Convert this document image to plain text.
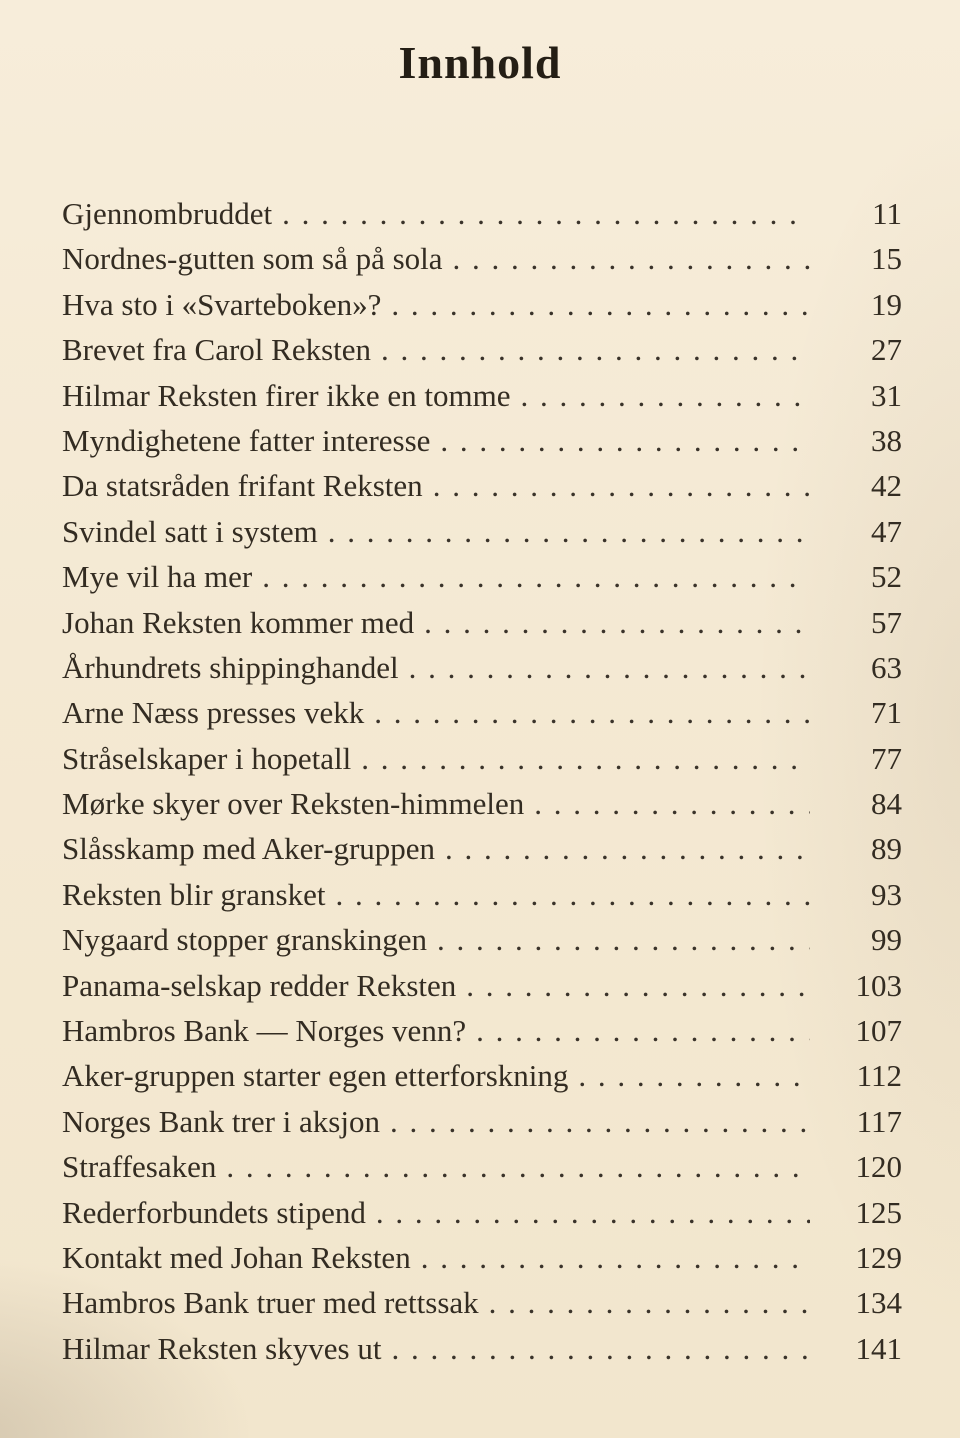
Innhold
Gjennombruddet . . .	11
Nordnes-gutten som så på sola . . .	15
Hva sto i «Svarteboken»? . . .	19
Brevet fra Carol Reksten . . .	27
Hilmar Reksten firer ikke en tomme . . .	31
Myndighetene fatter interesse . . .	38
Da statsråden frifant Reksten . . .	42
Svindel satt i system . . .	47
Mye vil ha mer . . .	52
Johan Reksten kommer med . . .	57
Århundrets shippinghandel . . .	63
Arne Næss presses vekk . . .	71
Stråselskaper i hopetall . . .	77
Mørke skyer over Reksten-himmelen . . .	84
Slåsskamp med Aker-gruppen . . .	89
Reksten blir gransket . . .	93
Nygaard stopper granskingen . . .	99
Panama-selskap redder Reksten . . .	103
Hambros Bank — Norges venn? . . .	107
Aker-gruppen starter egen etterforskning . . .	112
Norges Bank trer i aksjon . . .	117
Straffesaken . . .	120
Rederforbundets stipend . . .	125
Kontakt med Johan Reksten . . .	129
Hambros Bank truer med rettssak . . .	134
Hilmar Reksten skyves ut . . .	141
